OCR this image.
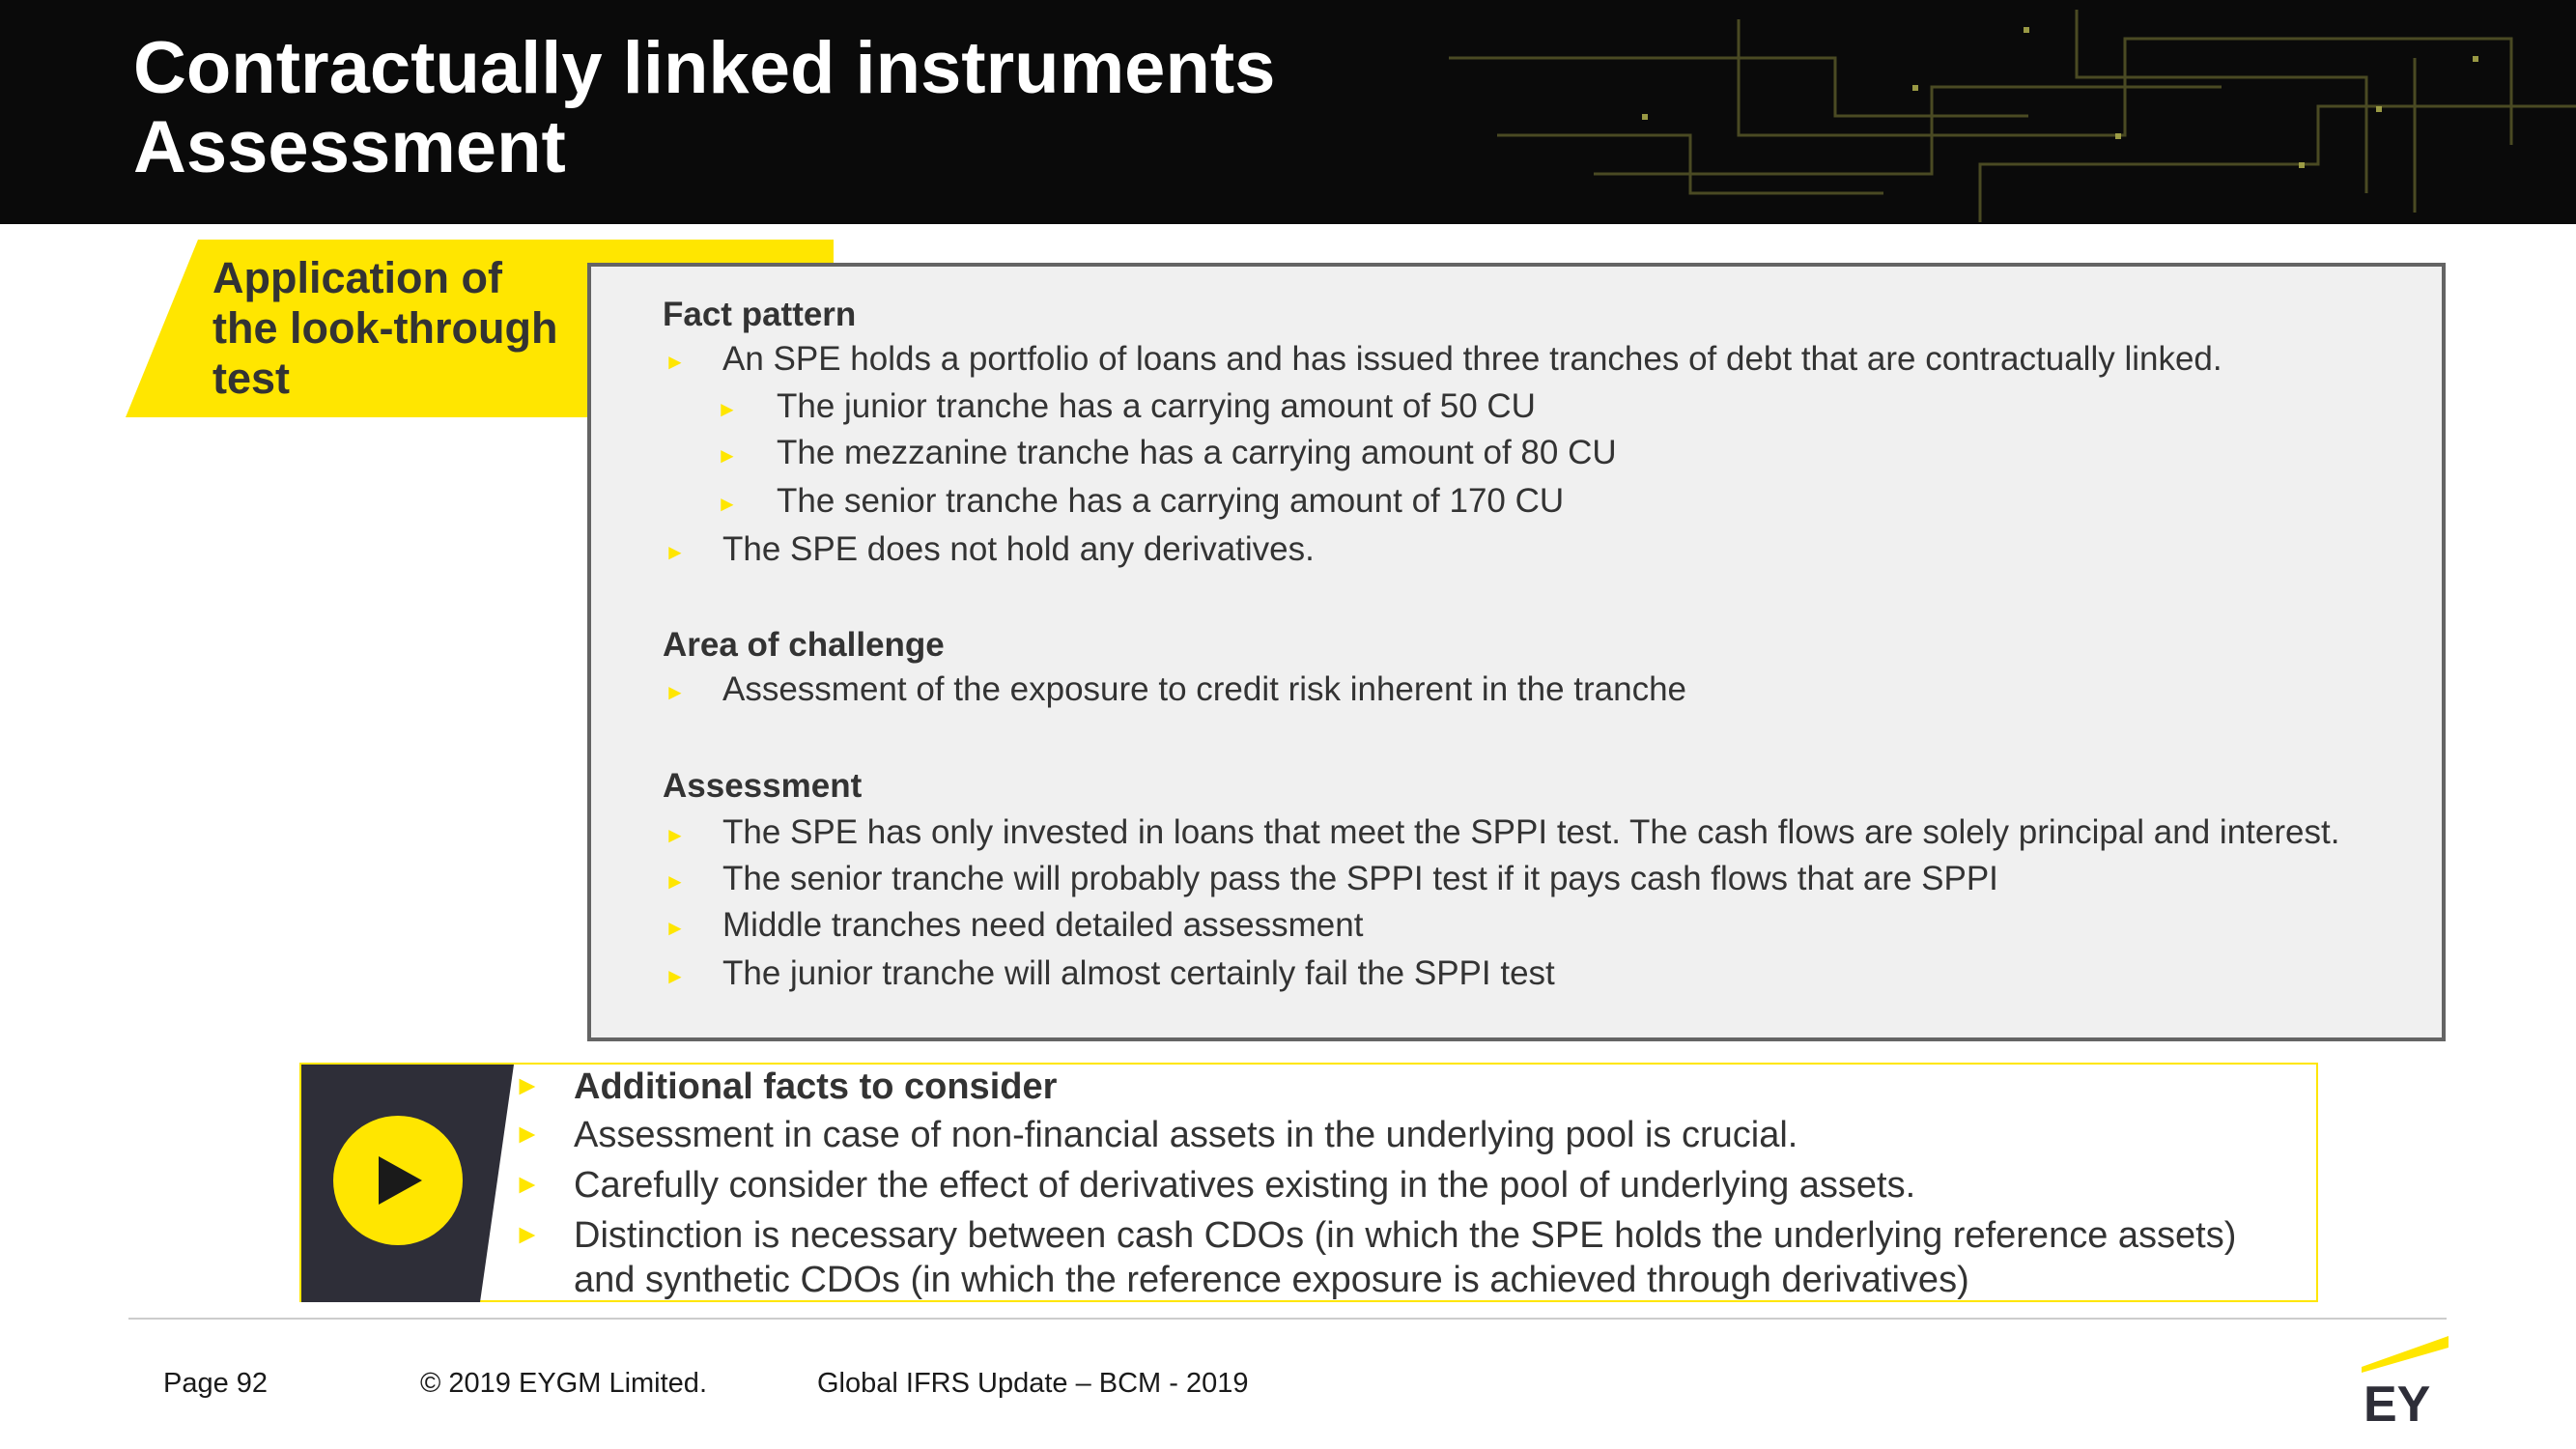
Contractually linked instruments
Assessment
Application of
the look-through
test
Fact pattern
► An SPE holds a portfolio of loans and has issued three tranches of debt that are contractually linked.
► The junior tranche has a carrying amount of 50 CU
► The mezzanine tranche has a carrying amount of 80 CU
► The senior tranche has a carrying amount of 170 CU
► The SPE does not hold any derivatives.
Area of challenge
► Assessment of the exposure to credit risk inherent in the tranche
Assessment
► The SPE has only invested in loans that meet the SPPI test. The cash flows are solely principal and interest.
► The senior tranche will probably pass the SPPI test if it pays cash flows that are SPPI
► Middle tranches need detailed assessment
► The junior tranche will almost certainly fail the SPPI test
► Additional facts to consider
► Assessment in case of non-financial assets in the underlying pool is crucial.
► Carefully consider the effect of derivatives existing in the pool of underlying assets.
► Distinction is necessary between cash CDOs (in which the SPE holds the underlying reference assets)
and synthetic CDOs (in which the reference exposure is achieved through derivatives)
Page 92	© 2019 EYGM Limited.	Global IFRS Update – BCM - 2019	EY
